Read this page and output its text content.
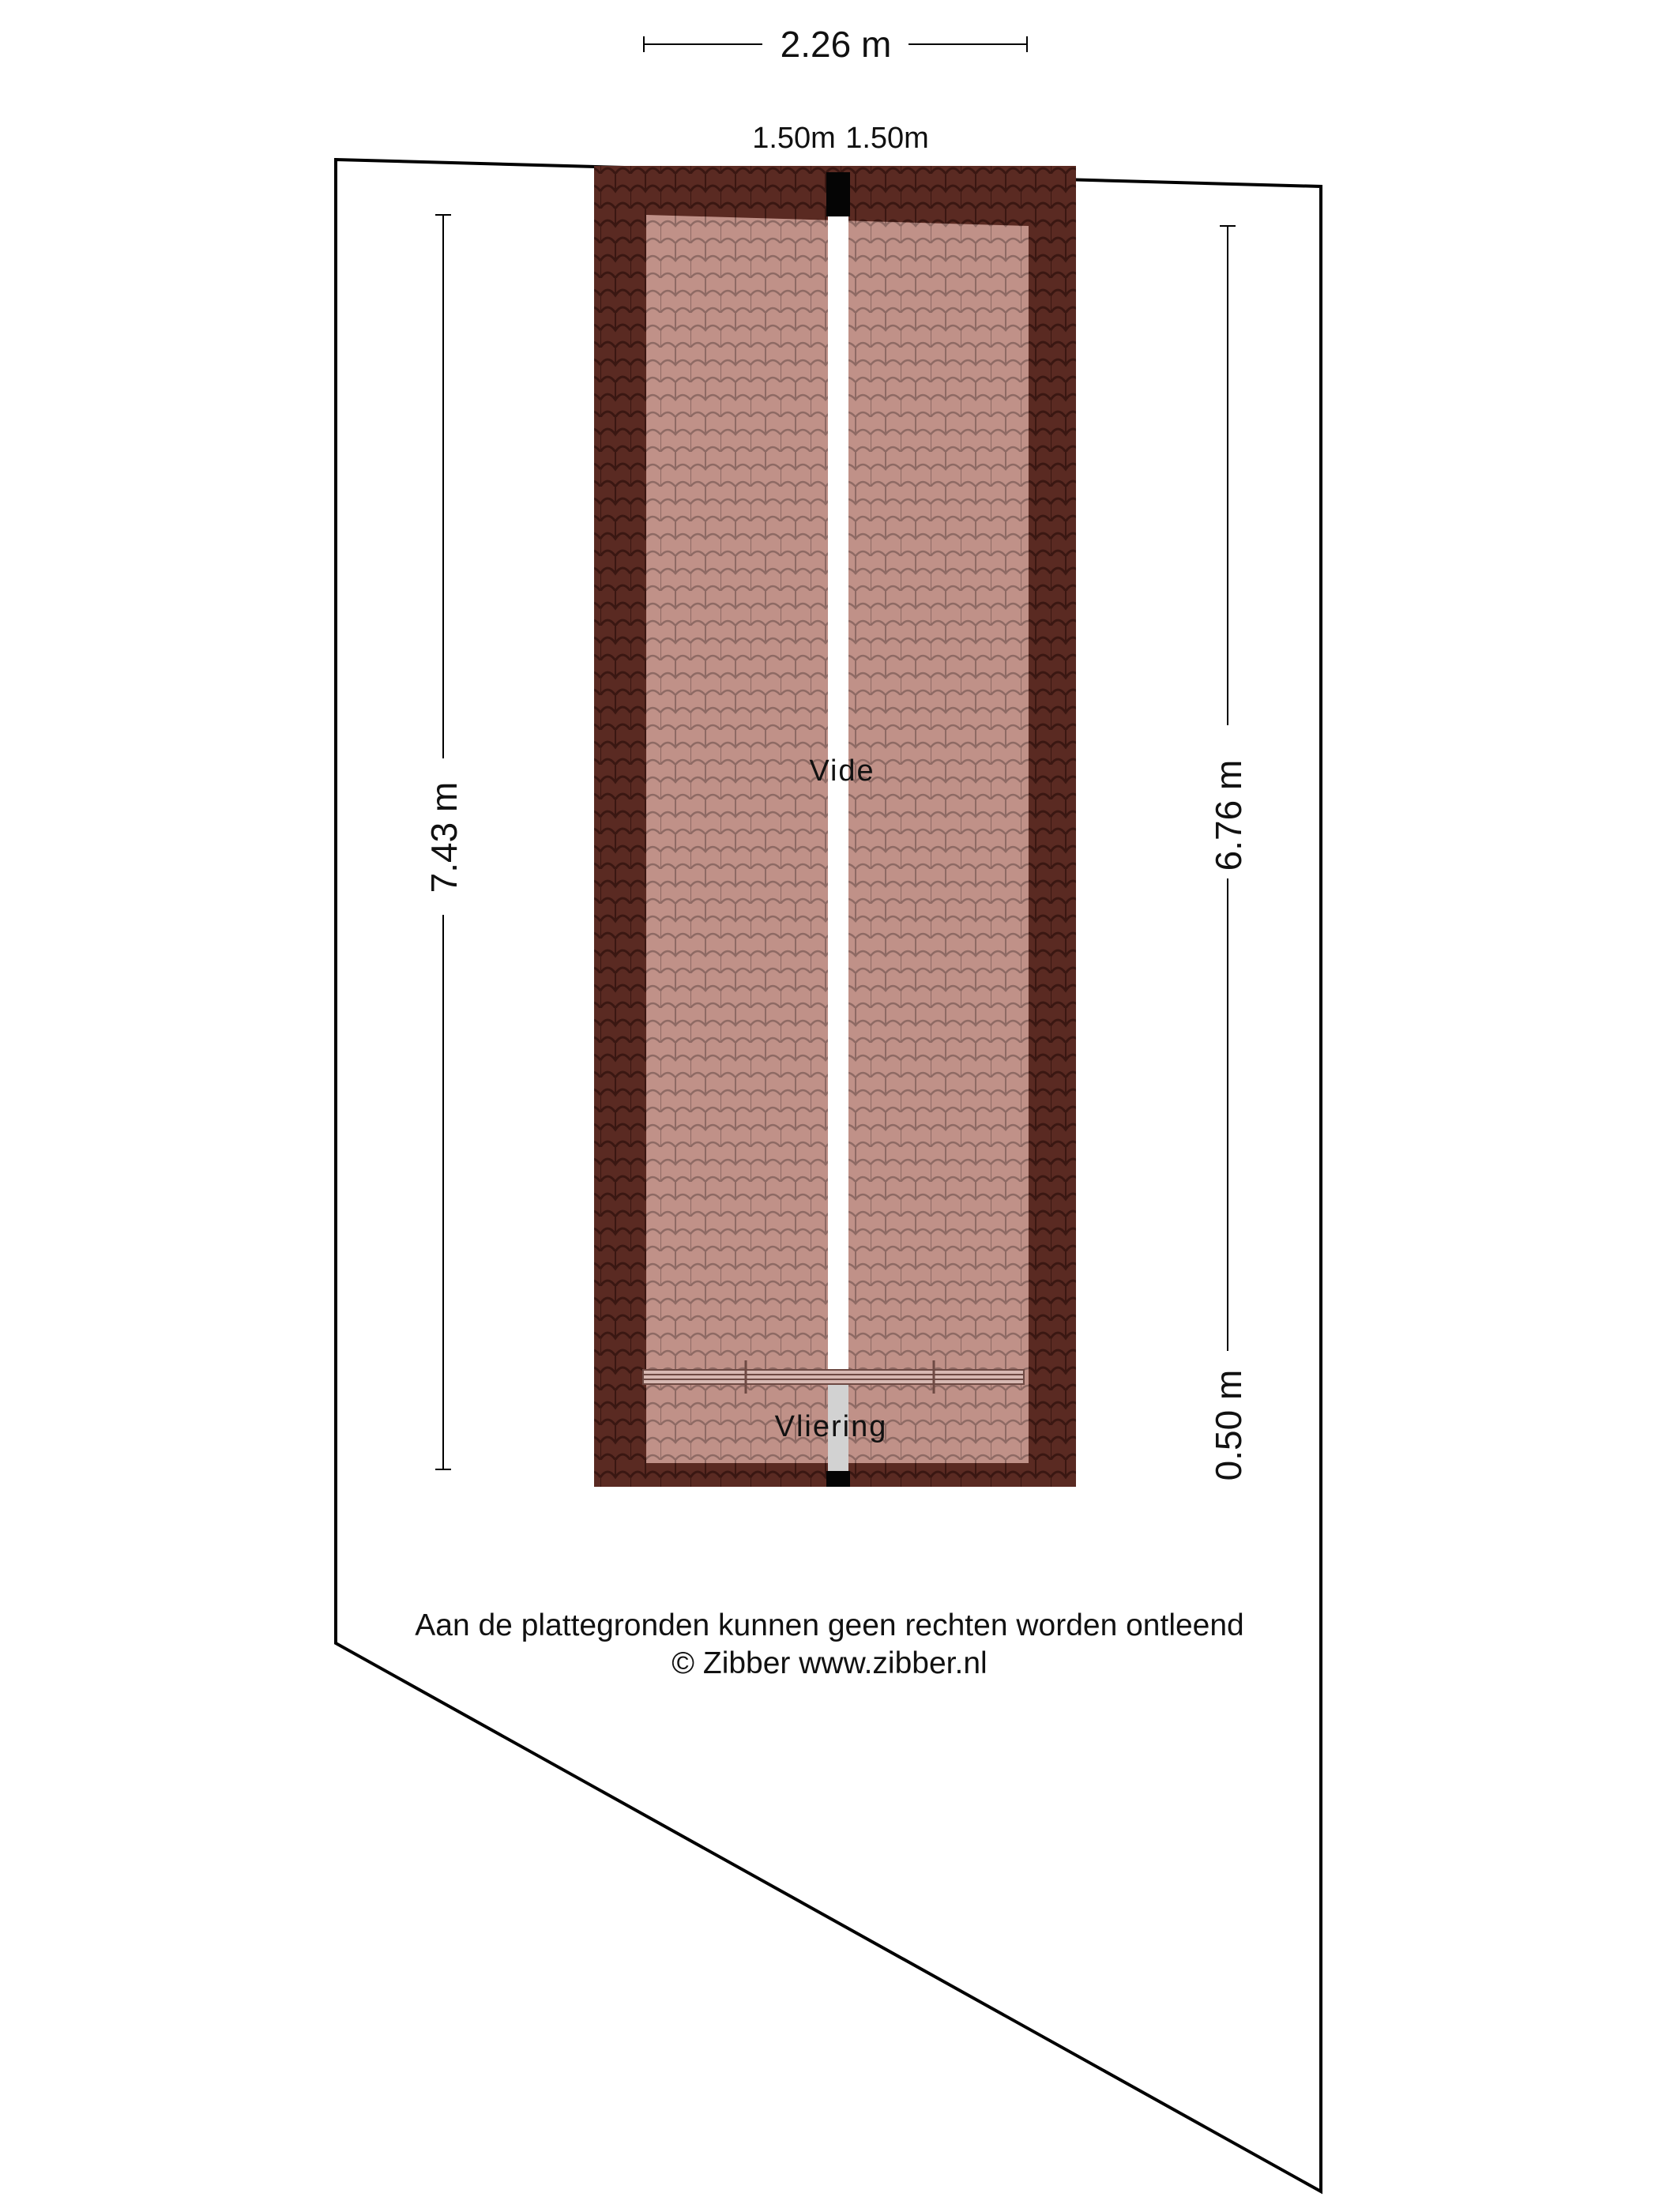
2.26 m
1.50m 1.50m
7.43 m	6.76 m
0.50 m
Vide
Vliering
Aan de plattegronden kunnen geen rechten worden ontleend
© Zibber www.zibber.nl
